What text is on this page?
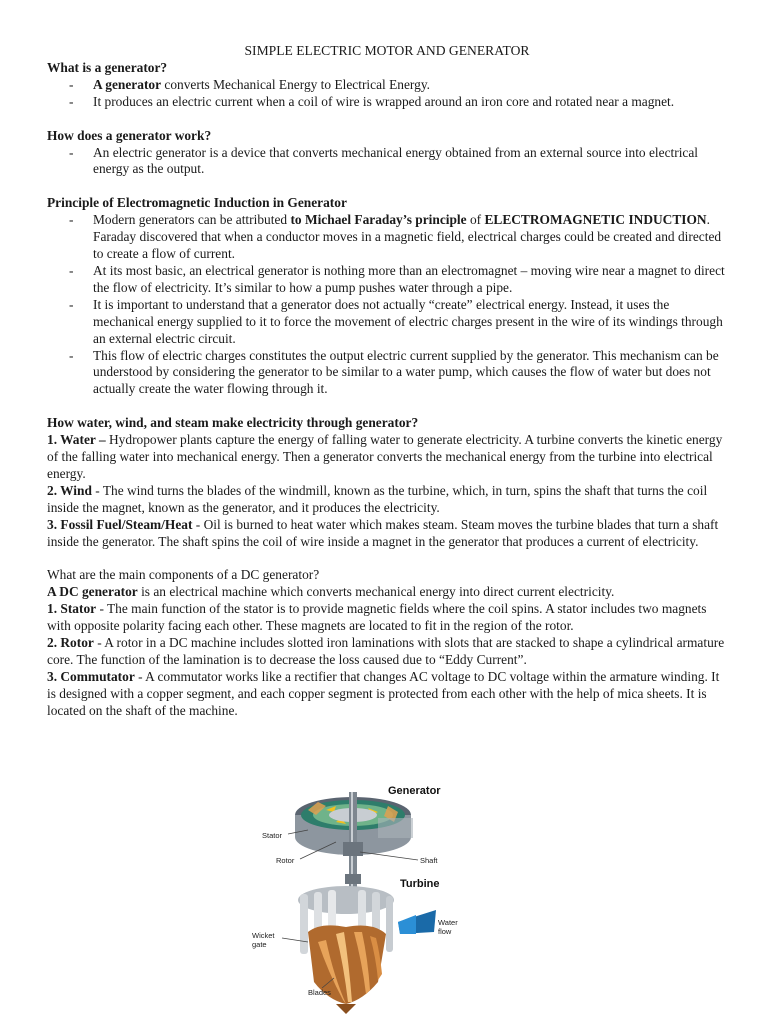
SIMPLE ELECTRIC MOTOR AND GENERATOR
What is a generator?
- A generator converts Mechanical Energy to Electrical Energy.
- It produces an electric current when a coil of wire is wrapped around an iron core and rotated near a magnet.
How does a generator work?
- An electric generator is a device that converts mechanical energy obtained from an external source into electrical energy as the output.
Principle of Electromagnetic Induction in Generator
- Modern generators can be attributed to Michael Faraday’s principle of ELECTROMAGNETIC INDUCTION. Faraday discovered that when a conductor moves in a magnetic field, electrical charges could be created and directed to create a flow of current.
- At its most basic, an electrical generator is nothing more than an electromagnet – moving wire near a magnet to direct the flow of electricity. It’s similar to how a pump pushes water through a pipe.
- It is important to understand that a generator does not actually “create” electrical energy. Instead, it uses the mechanical energy supplied to it to force the movement of electric charges present in the wire of its windings through an external electric circuit.
- This flow of electric charges constitutes the output electric current supplied by the generator. This mechanism can be understood by considering the generator to be similar to a water pump, which causes the flow of water but does not actually create the water flowing through it.
How water, wind, and steam make electricity through generator?
1. Water – Hydropower plants capture the energy of falling water to generate electricity. A turbine converts the kinetic energy of the falling water into mechanical energy. Then a generator converts the mechanical energy from the turbine into electrical energy.
2. Wind - The wind turns the blades of the windmill, known as the turbine, which, in turn, spins the shaft that turns the coil inside the magnet, known as the generator, and it produces the electricity.
3. Fossil Fuel/Steam/Heat - Oil is burned to heat water which makes steam. Steam moves the turbine blades that turn a shaft inside the generator. The shaft spins the coil of wire inside a magnet in the generator that produces a current of electricity.
What are the main components of a DC generator?
A DC generator is an electrical machine which converts mechanical energy into direct current electricity.
1. Stator - The main function of the stator is to provide magnetic fields where the coil spins. A stator includes two magnets with opposite polarity facing each other. These magnets are located to fit in the region of the rotor.
2. Rotor - A rotor in a DC machine includes slotted iron laminations with slots that are stacked to shape a cylindrical armature core. The function of the lamination is to decrease the loss caused due to “Eddy Current”.
3. Commutator - A commutator works like a rectifier that changes AC voltage to DC voltage within the armature winding. It is designed with a copper segment, and each copper segment is protected from each other with the help of mica sheets. It is located on the shaft of the machine.
Generator
Stator
Rotor	Shaft
Turbine
Water
flow
Wicket
gate
Blades
